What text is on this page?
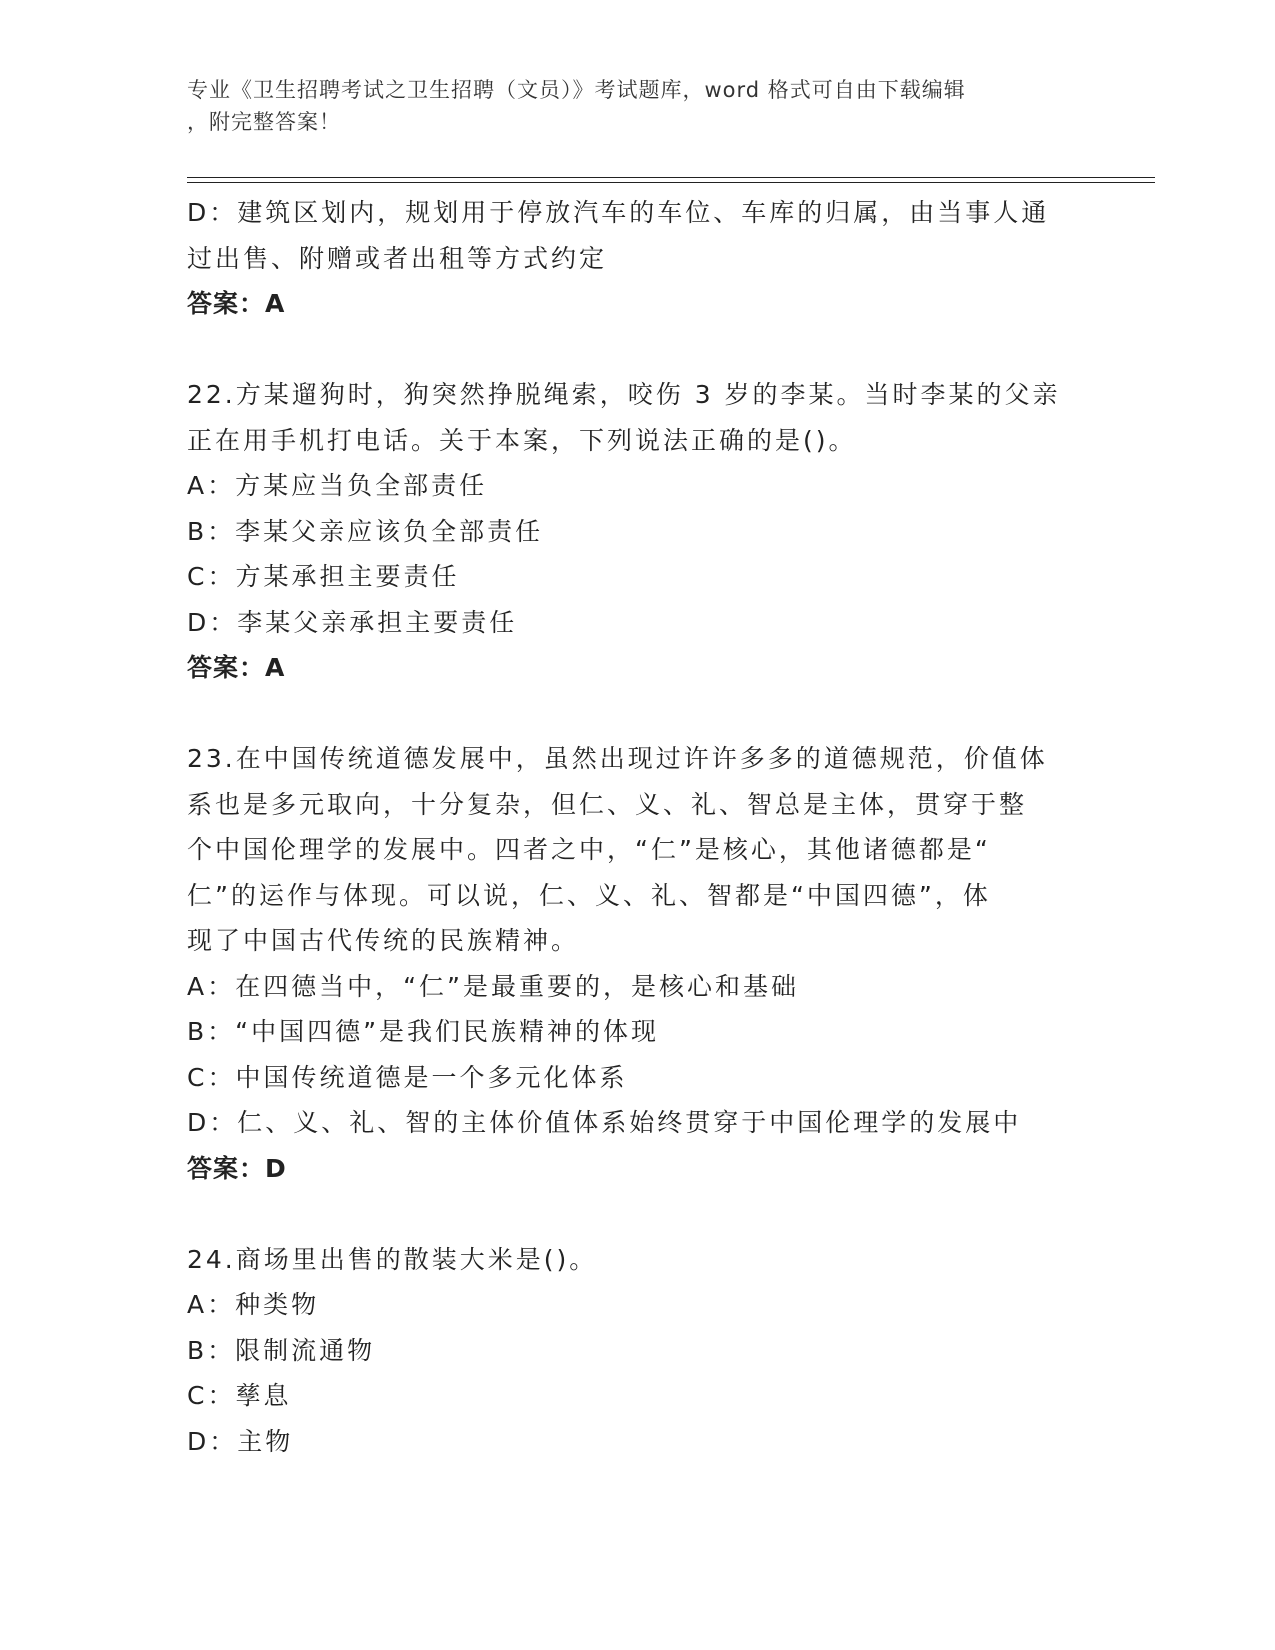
专业《卫生招聘考试之卫生招聘（文员）》考试题库，word 格式可自由下载编辑
，附完整答案！
D：建筑区划内，规划用于停放汽车的车位、车库的归属，由当事人通
过出售、附赠或者出租等方式约定
答案：A
22.方某遛狗时，狗突然挣脱绳索，咬伤 3 岁的李某。当时李某的父亲
正在用手机打电话。关于本案，下列说法正确的是()。
A：方某应当负全部责任
B：李某父亲应该负全部责任
C：方某承担主要责任
D：李某父亲承担主要责任
答案：A
23.在中国传统道德发展中，虽然出现过许许多多的道德规范，价值体
系也是多元取向，十分复杂，但仁、义、礼、智总是主体，贯穿于整
个中国伦理学的发展中。四者之中，“仁”是核心，其他诸德都是“
仁”的运作与体现。可以说，仁、义、礼、智都是“中国四德”，体
现了中国古代传统的民族精神。
A：在四德当中，“仁”是最重要的，是核心和基础
B：“中国四德”是我们民族精神的体现
C：中国传统道德是一个多元化体系
D：仁、义、礼、智的主体价值体系始终贯穿于中国伦理学的发展中
答案：D
24.商场里出售的散装大米是()。
A：种类物
B：限制流通物
C：孳息
D：主物
